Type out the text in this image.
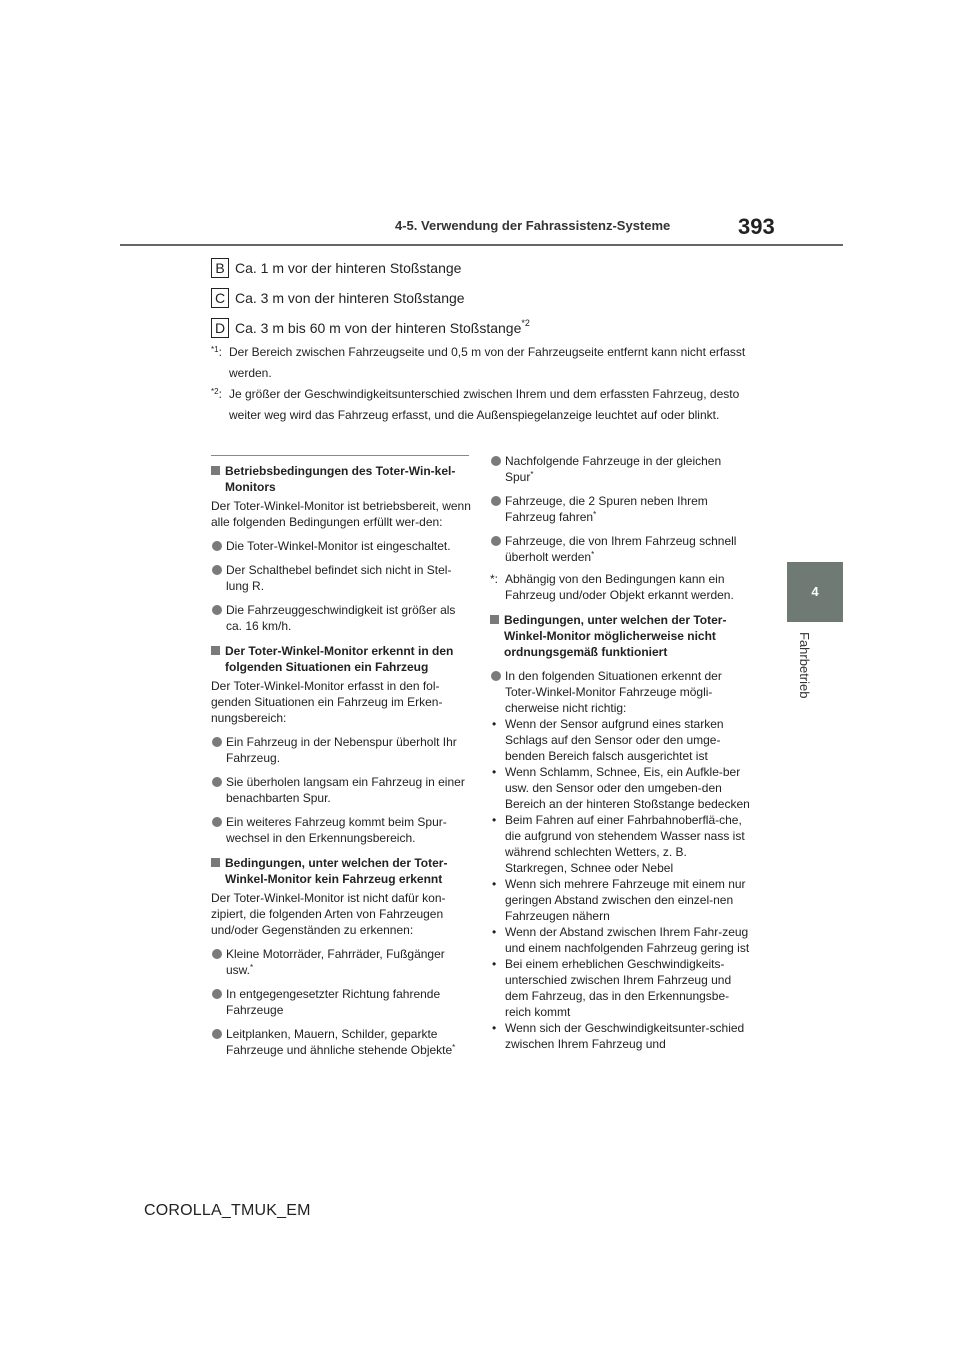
4-5. Verwendung der Fahrassistenz-Systeme	393
4
Fahrbetrieb
B Ca. 1 m vor der hinteren Stoßstange
C Ca. 3 m von der hinteren Stoßstange
D Ca. 3 m bis 60 m von der hinteren Stoßstange$^{*2}$
$^{*1}$: Der Bereich zwischen Fahrzeugseite und 0,5 m von der Fahrzeugseite entfernt kann nicht erfasst werden.
$^{*2}$: Je größer der Geschwindigkeitsunterschied zwischen Ihrem und dem erfassten Fahrzeug, desto weiter weg wird das Fahrzeug erfasst, und die Außenspiegelanzeige leuchtet auf oder blinkt.
Betriebsbedingungen des Toter-Win-kel-Monitors
Der Toter-Winkel-Monitor ist betriebsbereit, wenn alle folgenden Bedingungen erfüllt wer-den:
Die Toter-Winkel-Monitor ist eingeschaltet.
Der Schalthebel befindet sich nicht in Stel-lung R.
Die Fahrzeuggeschwindigkeit ist größer als ca. 16 km/h.
Der Toter-Winkel-Monitor erkennt in den folgenden Situationen ein Fahrzeug
Der Toter-Winkel-Monitor erfasst in den fol-genden Situationen ein Fahrzeug im Erken-nungsbereich:
Ein Fahrzeug in der Nebenspur überholt Ihr Fahrzeug.
Sie überholen langsam ein Fahrzeug in einer benachbarten Spur.
Ein weiteres Fahrzeug kommt beim Spur-wechsel in den Erkennungsbereich.
Bedingungen, unter welchen der Toter-Winkel-Monitor kein Fahrzeug erkennt
Der Toter-Winkel-Monitor ist nicht dafür kon-zipiert, die folgenden Arten von Fahrzeugen und/oder Gegenständen zu erkennen:
Kleine Motorräder, Fahrräder, Fußgänger usw.*
In entgegengesetzter Richtung fahrende Fahrzeuge
Leitplanken, Mauern, Schilder, geparkte Fahrzeuge und ähnliche stehende Objekte*
Nachfolgende Fahrzeuge in der gleichen Spur*
Fahrzeuge, die 2 Spuren neben Ihrem Fahrzeug fahren*
Fahrzeuge, die von Ihrem Fahrzeug schnell überholt werden*
*: Abhängig von den Bedingungen kann ein Fahrzeug und/oder Objekt erkannt werden.
Bedingungen, unter welchen der Toter-Winkel-Monitor möglicherweise nicht ordnungsgemäß funktioniert
In den folgenden Situationen erkennt der Toter-Winkel-Monitor Fahrzeuge mögli-cherweise nicht richtig:
• Wenn der Sensor aufgrund eines starken Schlags auf den Sensor oder den umge-benden Bereich falsch ausgerichtet ist
• Wenn Schlamm, Schnee, Eis, ein Aufkle-ber usw. den Sensor oder den umgeben-den Bereich an der hinteren Stoßstange bedecken
• Beim Fahren auf einer Fahrbahnoberflä-che, die aufgrund von stehendem Wasser nass ist während schlechten Wetters, z. B. Starkregen, Schnee oder Nebel
• Wenn sich mehrere Fahrzeuge mit einem nur geringen Abstand zwischen den einzel-nen Fahrzeugen nähern
• Wenn der Abstand zwischen Ihrem Fahr-zeug und einem nachfolgenden Fahrzeug gering ist
• Bei einem erheblichen Geschwindigkeits-unterschied zwischen Ihrem Fahrzeug und dem Fahrzeug, das in den Erkennungsbe-reich kommt
• Wenn sich der Geschwindigkeitsunter-schied zwischen Ihrem Fahrzeug und
COROLLA_TMUK_EM
